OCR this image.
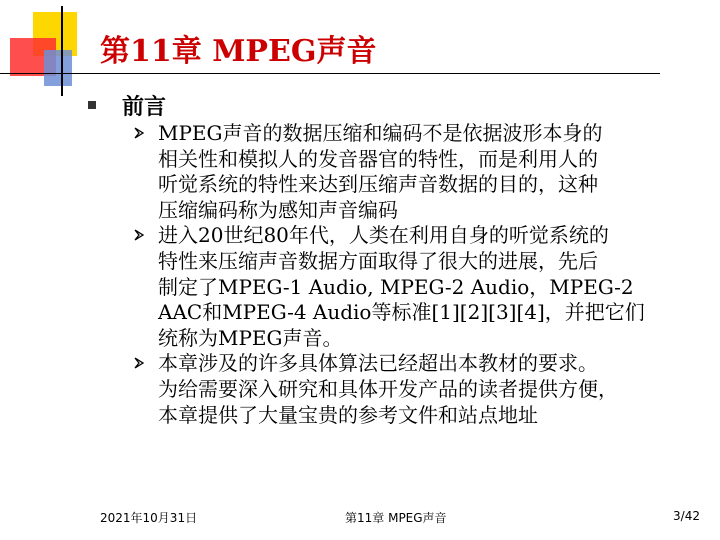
第11章 MPEG声音
前言
MPEG声音的数据压缩和编码不是依据波形本身的
相关性和模拟人的发音器官的特性，而是利用人的
听觉系统的特性来达到压缩声音数据的目的，这种
压缩编码称为感知声音编码
进入20世纪80年代，人类在利用自身的听觉系统的
特性来压缩声音数据方面取得了很大的进展，先后
制定了MPEG-1 Audio, MPEG-2 Audio，MPEG-2
AAC和MPEG-4 Audio等标准[1][2][3][4]，并把它们
统称为MPEG声音。
本章涉及的许多具体算法已经超出本教材的要求。
为给需要深入研究和具体开发产品的读者提供方便，
本章提供了大量宝贵的参考文件和站点地址
2021年10月31日	第11章 MPEG声音	3/42
